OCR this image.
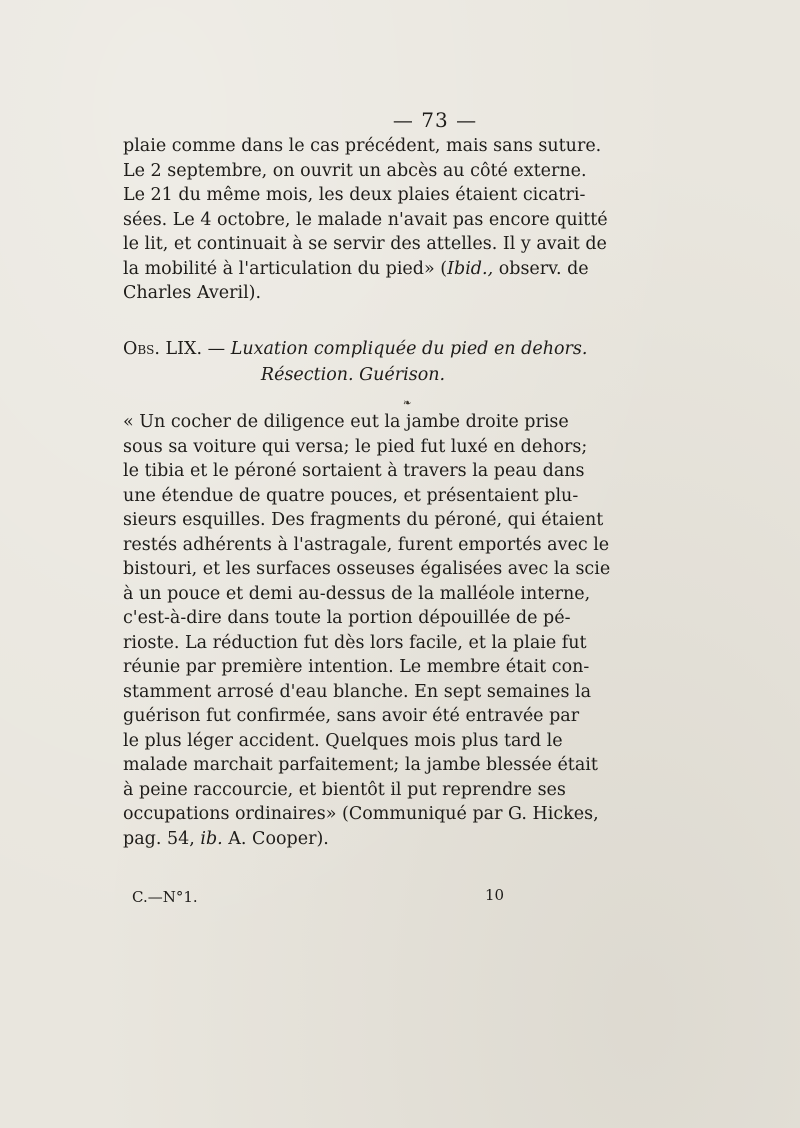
— 73 —
plaie comme dans le cas précédent, mais sans suture.
Le 2 septembre, on ouvrit un abcès au côté externe.
Le 21 du même mois, les deux plaies étaient cicatri-
sées. Le 4 octobre, le malade n'avait pas encore quitté
le lit, et continuait à se servir des attelles. Il y avait de
la mobilité à l'articulation du pied» (Ibid., observ. de
Charles Averil).
Obs. LIX. — Luxation compliquée du pied en dehors.
Résection. Guérison.
❧
« Un cocher de diligence eut la jambe droite prise
sous sa voiture qui versa; le pied fut luxé en dehors;
le tibia et le péroné sortaient à travers la peau dans
une étendue de quatre pouces, et présentaient plu-
sieurs esquilles. Des fragments du péroné, qui étaient
restés adhérents à l'astragale, furent emportés avec le
bistouri, et les surfaces osseuses égalisées avec la scie
à un pouce et demi au-dessus de la malléole interne,
c'est-à-dire dans toute la portion dépouillée de pé-
rioste. La réduction fut dès lors facile, et la plaie fut
réunie par première intention. Le membre était con-
stamment arrosé d'eau blanche. En sept semaines la
guérison fut confirmée, sans avoir été entravée par
le plus léger accident. Quelques mois plus tard le
malade marchait parfaitement; la jambe blessée était
à peine raccourcie, et bientôt il put reprendre ses
occupations ordinaires» (Communiqué par G. Hickes,
pag. 54, ib. A. Cooper).
C.—N°1.	10
